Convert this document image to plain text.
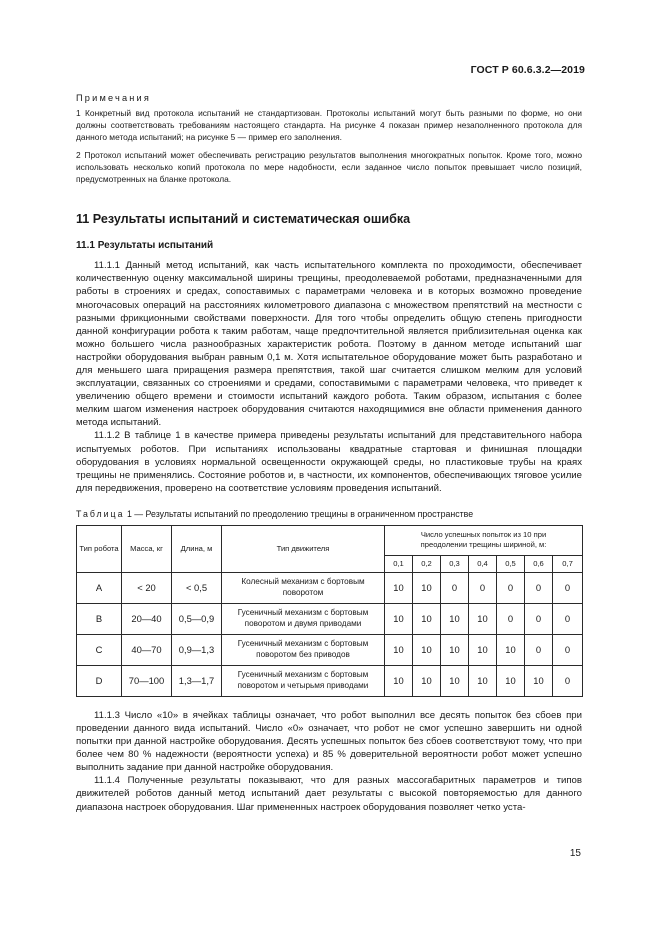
ГОСТ Р 60.6.3.2—2019
Примечания

1 Конкретный вид протокола испытаний не стандартизован. Протоколы испытаний могут быть разными по форме, но они должны соответствовать требованиям настоящего стандарта. На рисунке 4 показан пример незаполненного протокола для данного метода испытаний; на рисунке 5 — пример его заполнения.

2 Протокол испытаний может обеспечивать регистрацию результатов выполнения многократных попыток. Кроме того, можно использовать несколько копий протокола по мере надобности, если заданное число попыток превышает число позиций, предусмотренных на бланке протокола.

11 Результаты испытаний и систематическая ошибка
11.1 Результаты испытаний

11.1.1 Данный метод испытаний, как часть испытательного комплекта по проходимости, обеспечивает количественную оценку максимальной ширины трещины, преодолеваемой роботами, предназначенными для работы в строениях и средах, сопоставимых с параметрами человека и в которых возможно проведение многочасовых операций на расстояниях километрового диапазона с множеством препятствий на местности с разными фрикционными свойствами поверхности. Для того чтобы определить общую степень пригодности данной конфигурации робота к таким работам, чаще предпочтительной является приблизительная оценка как можно большего числа разнообразных характеристик робота. Поэтому в данном методе испытаний шаг настройки оборудования выбран равным 0,1 м. Хотя испытательное оборудование может быть разработано и для меньшего шага приращения размера препятствия, такой шаг считается слишком мелким для условий эксплуатации, связанных со строениями и средами, сопоставимыми с параметрами человека, что приведет к увеличению общего времени и стоимости испытаний каждого робота. Таким образом, испытания с более мелким шагом изменения настроек оборудования считаются находящимися вне области применения данного метода испытаний.

11.1.2 В таблице 1 в качестве примера приведены результаты испытаний для представительного набора испытуемых роботов. При испытаниях использованы квадратные стартовая и финишная площадки оборудования в условиях нормальной освещенности окружающей среды, но пластиковые трубы на краях трещины не применялись. Состояние роботов и, в частности, их компонентов, обеспечивающих тяговое усилие для передвижения, проверено на соответствие условиям проведения испытаний.

Таблица 1 — Результаты испытаний по преодолению трещины в ограниченном пространстве
Тип робота	Масса, кг	Длина, м	Тип движителя	Число успешных попыток из 10 при преодолении трещины шириной, м:						
				0,1	0,2	0,3	0,4	0,5	0,6	0,7
A	< 20	< 0,5	Колесный механизм с бортовым поворотом	10	10	0	0	0	0	0
B	20—40	0,5—0,9	Гусеничный механизм с бортовым поворотом и двумя приводами	10	10	10	10	0	0	0
C	40—70	0,9—1,3	Гусеничный механизм с бортовым поворотом без приводов	10	10	10	10	10	0	0
D	70—100	1,3—1,7	Гусеничный механизм с бортовым поворотом и четырьмя приводами	10	10	10	10	10	10	0

11.1.3 Число «10» в ячейках таблицы означает, что робот выполнил все десять попыток без сбоев при проведении данного вида испытаний. Число «0» означает, что робот не смог успешно завершить ни одной попытки при данной настройке оборудования. Десять успешных попыток без сбоев соответствуют тому, что при более чем 80 % надежности (вероятности успеха) и 85 % доверительной вероятности робот может успешно выполнить задание при данной настройке оборудования.

11.1.4 Полученные результаты показывают, что для разных массогабаритных параметров и типов движителей роботов данный метод испытаний дает результаты с высокой повторяемостью для данного диапазона настроек оборудования. Шаг примененных настроек оборудования позволяет четко уста-

15
